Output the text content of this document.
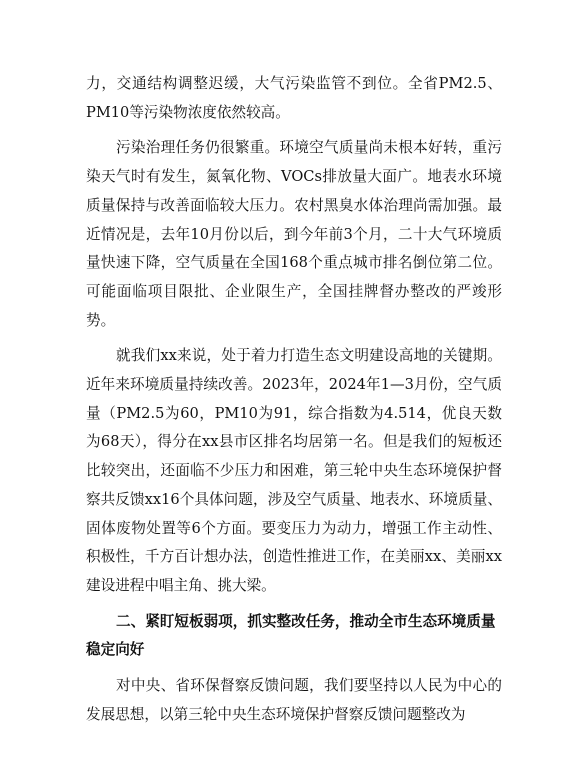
力，交通结构调整迟缓，大气污染监管不到位。全省PM2.5、PM10等污染物浓度依然较高。

污染治理任务仍很繁重。环境空气质量尚未根本好转，重污染天气时有发生，氮氧化物、VOCs排放量大面广。地表水环境质量保持与改善面临较大压力。农村黑臭水体治理尚需加强。最近情况是，去年10月份以后，到今年前3个月，二十大气环境质量快速下降，空气质量在全国168个重点城市排名倒位第二位。可能面临项目限批、企业限生产，全国挂牌督办整改的严竣形势。

就我们xx来说，处于着力打造生态文明建设高地的关键期。近年来环境质量持续改善。2023年，2024年1—3月份，空气质量（PM2.5为60，PM10为91，综合指数为4.514，优良天数为68天），得分在xx县市区排名均居第一名。但是我们的短板还比较突出，还面临不少压力和困难，第三轮中央生态环境保护督察共反馈xx16个具体问题，涉及空气质量、地表水、环境质量、固体废物处置等6个方面。要变压力为动力，增强工作主动性、积极性，千方百计想办法，创造性推进工作，在美丽xx、美丽xx建设进程中唱主角、挑大梁。

二、紧盯短板弱项，抓实整改任务，推动全市生态环境质量稳定向好

对中央、省环保督察反馈问题，我们要坚持以人民为中心的发展思想，以第三轮中央生态环境保护督察反馈问题整改为
